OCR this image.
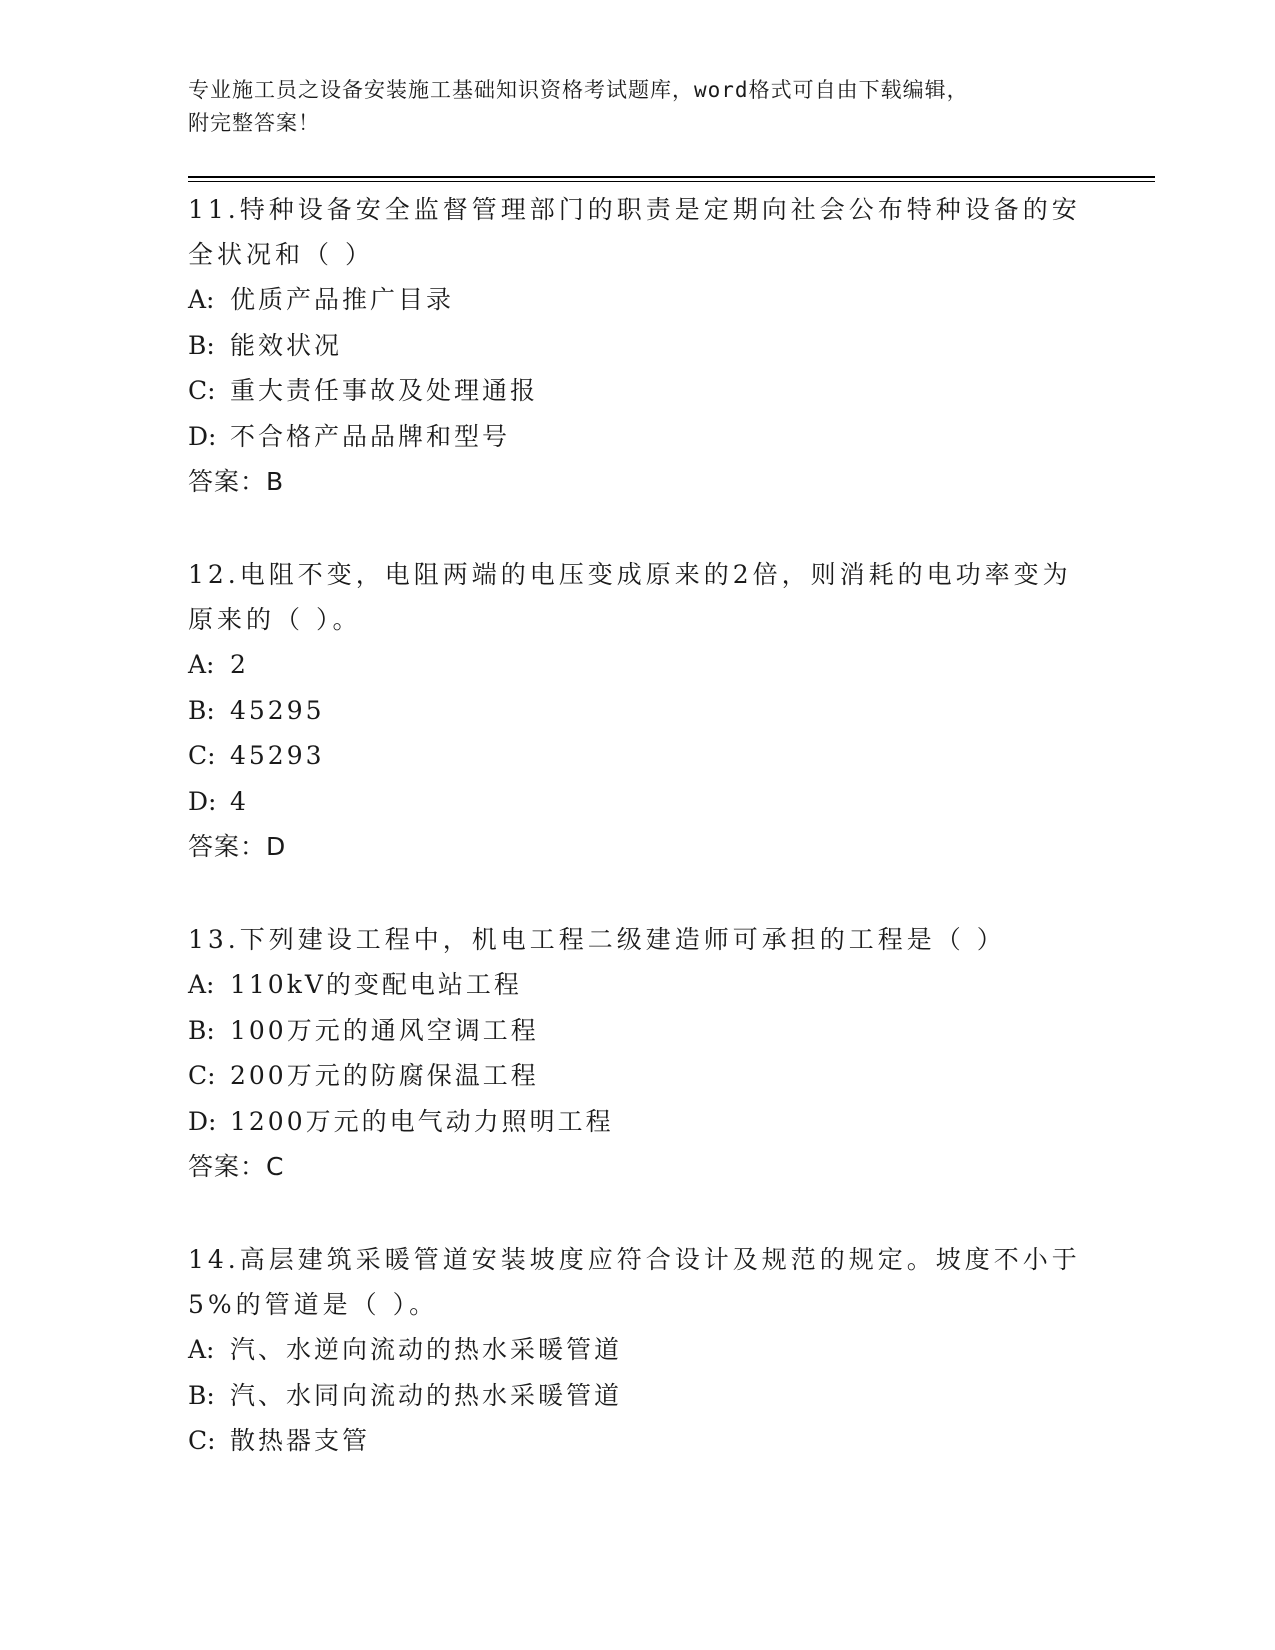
专业施工员之设备安装施工基础知识资格考试题库，word格式可自由下载编辑，
附完整答案！
11.特种设备安全监督管理部门的职责是定期向社会公布特种设备的安全状况和（ ）
A: 优质产品推广目录
B: 能效状况
C: 重大责任事故及处理通报
D: 不合格产品品牌和型号
答案：B
12.电阻不变，电阻两端的电压变成原来的2倍，则消耗的电功率变为原来的（ ）。
A: 2
B: 45295
C: 45293
D: 4
答案：D
13.下列建设工程中，机电工程二级建造师可承担的工程是（ ）
A: 110kV的变配电站工程
B: 100万元的通风空调工程
C: 200万元的防腐保温工程
D: 1200万元的电气动力照明工程
答案：C
14.高层建筑采暖管道安装坡度应符合设计及规范的规定。坡度不小于5%的管道是（ ）。
A: 汽、水逆向流动的热水采暖管道
B: 汽、水同向流动的热水采暖管道
C: 散热器支管
